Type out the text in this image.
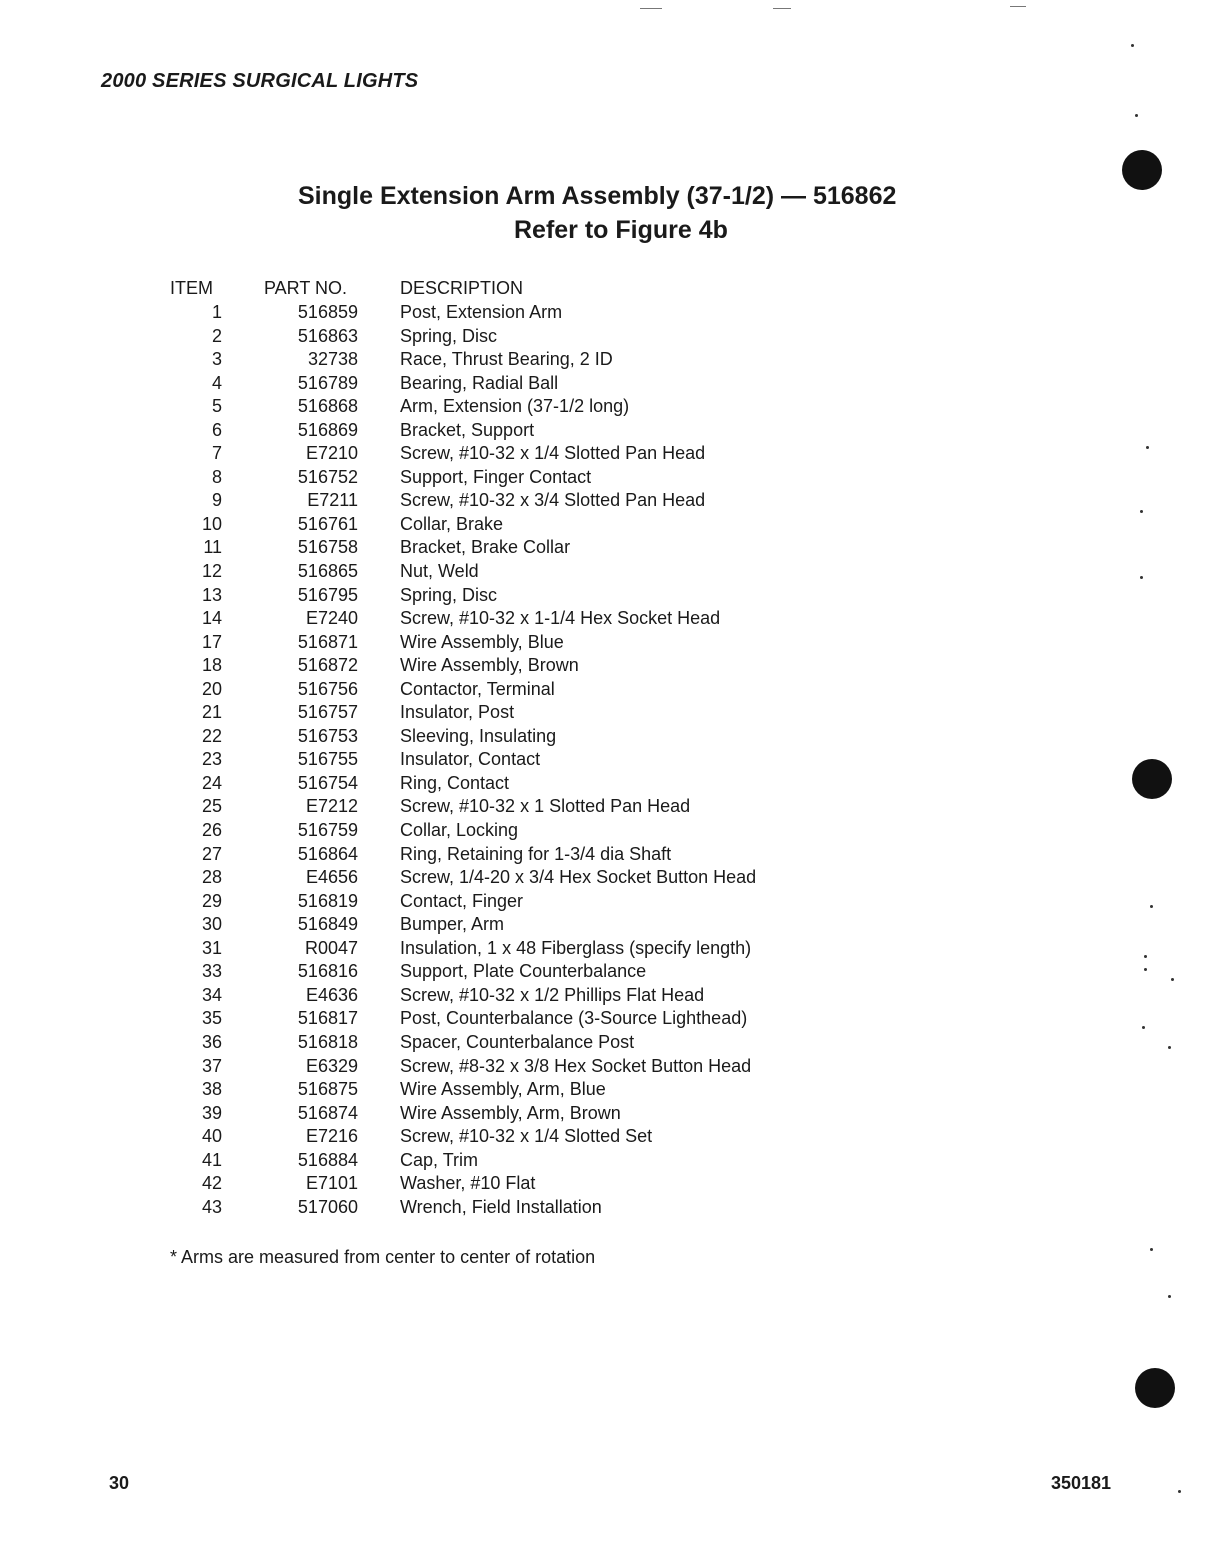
2000 SERIES SURGICAL LIGHTS
Single Extension Arm Assembly (37-1/2) — 516862
Refer to Figure 4b
ITEM	PART NO.	DESCRIPTION
1	516859 Post, Extension Arm
2	516863 Spring, Disc
3	32738 Race, Thrust Bearing, 2 ID
4	516789 Bearing, Radial Ball
5	516868 Arm, Extension (37-1/2 long)
6	516869 Bracket, Support
7	E7210 Screw, #10-32 x 1/4 Slotted Pan Head
8	516752 Support, Finger Contact
9	E7211 Screw, #10-32 x 3/4 Slotted Pan Head
10	516761 Collar, Brake
11	516758 Bracket, Brake Collar
12	516865 Nut, Weld
13	516795 Spring, Disc
14	E7240 Screw, #10-32 x 1-1/4 Hex Socket Head
17	516871 Wire Assembly, Blue
18	516872 Wire Assembly, Brown
20	516756 Contactor, Terminal
21	516757 Insulator, Post
22	516753 Sleeving, Insulating
23	516755 Insulator, Contact
24	516754 Ring, Contact
25	E7212 Screw, #10-32 x 1 Slotted Pan Head
26	516759 Collar, Locking
27	516864 Ring, Retaining for 1-3/4 dia Shaft
28	E4656 Screw, 1/4-20 x 3/4 Hex Socket Button Head
29	516819 Contact, Finger
30	516849 Bumper, Arm
31	R0047 Insulation, 1 x 48 Fiberglass (specify length)
33	516816 Support, Plate Counterbalance
34	E4636 Screw, #10-32 x 1/2 Phillips Flat Head
35	516817 Post, Counterbalance (3-Source Lighthead)
36	516818 Spacer, Counterbalance Post
37	E6329 Screw, #8-32 x 3/8 Hex Socket Button Head
38	516875 Wire Assembly, Arm, Blue
39	516874 Wire Assembly, Arm, Brown
40	E7216 Screw, #10-32 x 1/4 Slotted Set
41	516884 Cap, Trim
42	E7101 Washer, #10 Flat
43	517060 Wrench, Field Installation
* Arms are measured from center to center of rotation
30	350181
